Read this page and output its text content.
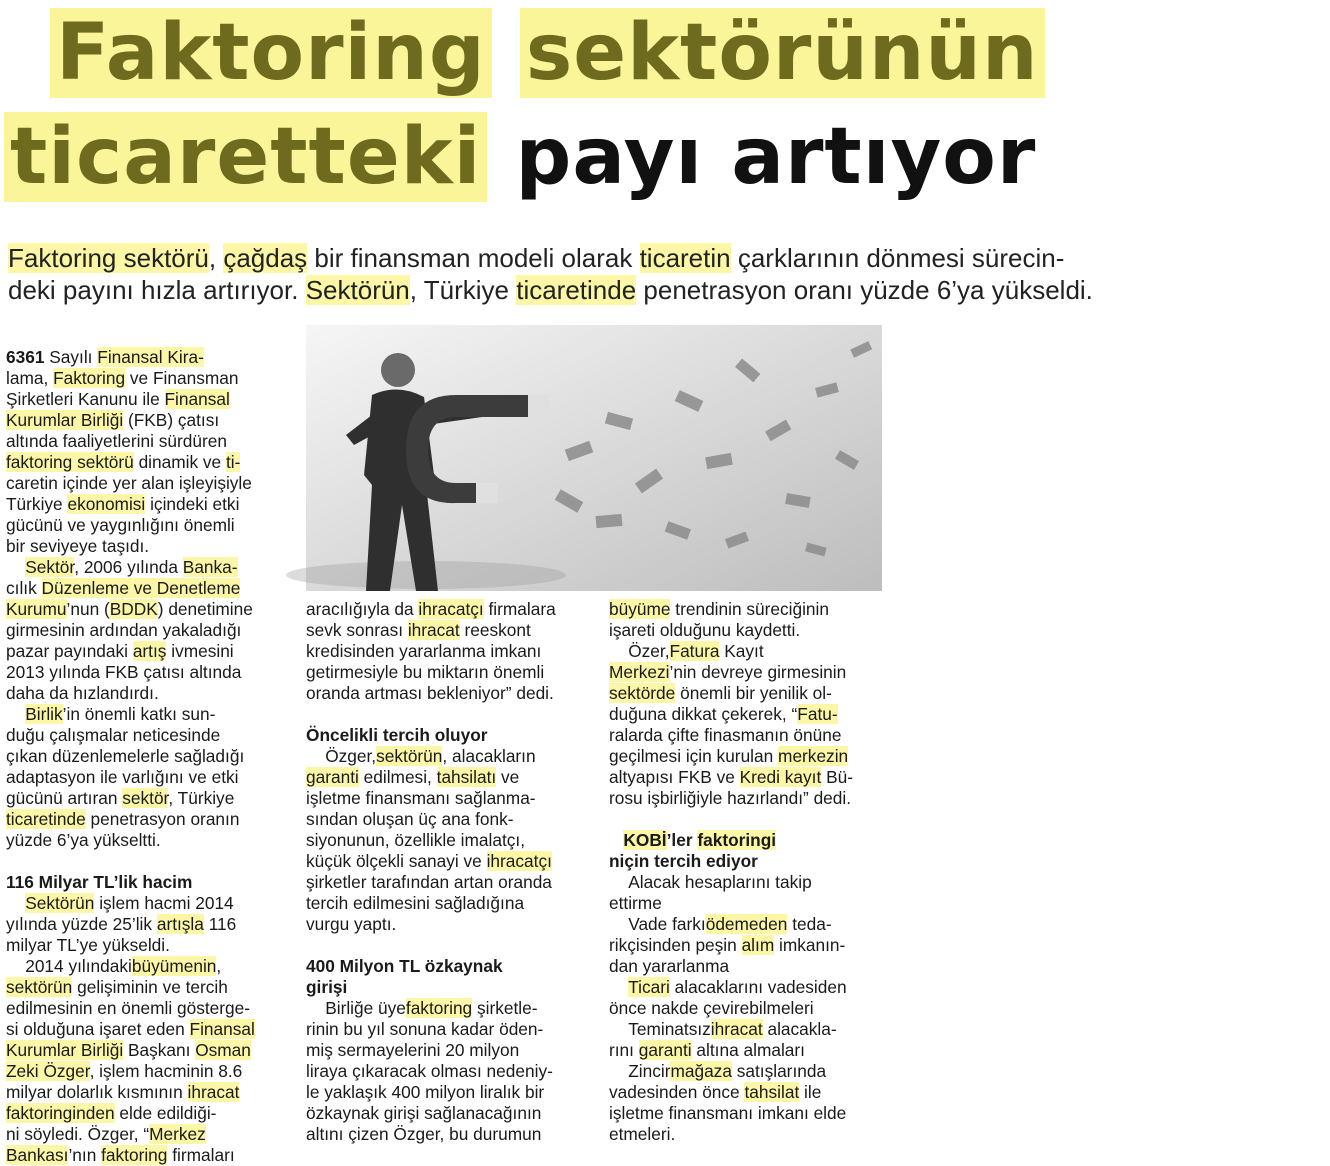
Faktoring sektörünün
ticaretteki payı artıyor

Faktoring sektörü, çağdaş bir finansman modeli olarak ticaretin çarklarının dönmesi sürecin-

deki payını hızla artırıyor. Sektörün, Türkiye ticaretinde penetrasyon oranı yüzde 6’ya yükseldi.

6361 Sayılı Finansal Kira-

lama, Faktoring ve Finansman

Şirketleri Kanunu ile Finansal

Kurumlar Birliği (FKB) çatısı

altında faaliyetlerini sürdüren

faktoring sektörü dinamik ve ti-

caretin içinde yer alan işleyişiyle

Türkiye ekonomisi içindeki etki

gücünü ve yaygınlığını önemli

bir seviyeye taşıdı.

Sektör, 2006 yılında Banka-

cılık Düzenleme ve Denetleme

Kurumu’nun (BDDK) denetimine

girmesinin ardından yakaladığı

pazar payındaki artış ivmesini

2013 yılında FKB çatısı altında

daha da hızlandırdı.

Birlik’in önemli katkı sun-

duğu çalışmalar neticesinde

çıkan düzenlemelerle sağladığı

adaptasyon ile varlığını ve etki

gücünü artıran sektör, Türkiye

ticaretinde penetrasyon oranın

yüzde 6’ya yükseltti.

116 Milyar TL’lik hacim

Sektörün işlem hacmi 2014

yılında yüzde 25’lik artışla 116

milyar TL’ye yükseldi.

2014 yılındakibüyümenin,

sektörün gelişiminin ve tercih

edilmesinin en önemli gösterge-

si olduğuna işaret eden Finansal

Kurumlar Birliği Başkanı Osman

Zeki Özger, işlem hacminin 8.6

milyar dolarlık kısmının ihracat

faktoringinden elde edildiği-

ni söyledi. Özger, “Merkez

Bankası’nın faktoring firmaları

aracılığıyla da ihracatçı firmalara

sevk sonrası ihracat reeskont

kredisinden yararlanma imkanı

getirmesiyle bu miktarın önemli

oranda artması bekleniyor” dedi.

Öncelikli tercih oluyor

Özger,sektörün, alacakların

garanti edilmesi, tahsilatı ve

işletme finansmanı sağlanma-

sından oluşan üç ana fonk-

siyonunun, özellikle imalatçı,

küçük ölçekli sanayi ve ihracatçı

şirketler tarafından artan oranda

tercih edilmesini sağladığına

vurgu yaptı.

400 Milyon TL özkaynak

girişi

Birliğe üyefaktoring şirketle-

rinin bu yıl sonuna kadar öden-

miş sermayelerini 20 milyon

liraya çıkaracak olması nedeniy-

le yaklaşık 400 milyon liralık bir

özkaynak girişi sağlanacağının

altını çizen Özger, bu durumun

büyüme trendinin süreciğinin

işareti olduğunu kaydetti.

Özer,Fatura Kayıt

Merkezi’nin devreye girmesinin

sektörde önemli bir yenilik ol-

duğuna dikkat çekerek, “Fatu-

ralarda çifte finasmanın önüne

geçilmesi için kurulan merkezin

altyapısı FKB ve Kredi kayıt Bü-

rosu işbirliğiyle hazırlandı” dedi.

KOBİ’ler faktoringi

niçin tercih ediyor

Alacak hesaplarını takip

ettirme

Vade farkıödemeden teda-

rikçisinden peşin alım imkanın-

dan yararlanma

Ticari alacaklarını vadesiden

önce nakde çevirebilmeleri

Teminatsızihracat alacakla-

rını garanti altına almaları

Zincirmağaza satışlarında

vadesinden önce tahsilat ile

işletme finansmanı imkanı elde

etmeleri.
